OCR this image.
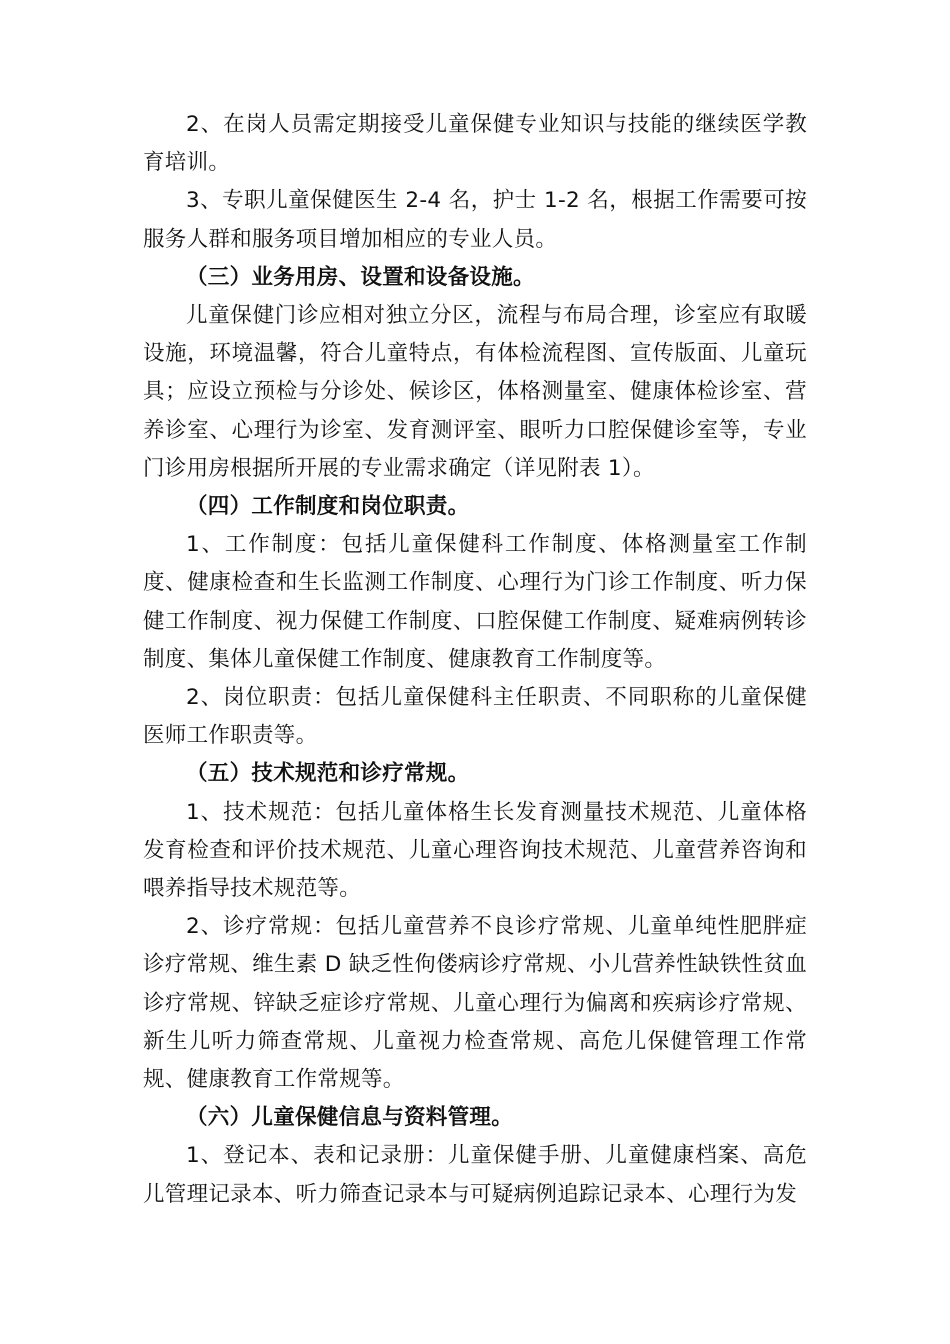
2、在岗人员需定期接受儿童保健专业知识与技能的继续医学教育培训。

3、专职儿童保健医生 2-4 名，护士 1-2 名，根据工作需要可按服务人群和服务项目增加相应的专业人员。

（三）业务用房、设置和设备设施。

儿童保健门诊应相对独立分区，流程与布局合理，诊室应有取暖设施，环境温馨，符合儿童特点，有体检流程图、宣传版面、儿童玩具；应设立预检与分诊处、候诊区，体格测量室、健康体检诊室、营养诊室、心理行为诊室、发育测评室、眼听力口腔保健诊室等，专业门诊用房根据所开展的专业需求确定（详见附表 1）。

（四）工作制度和岗位职责。

1、工作制度：包括儿童保健科工作制度、体格测量室工作制度、健康检查和生长监测工作制度、心理行为门诊工作制度、听力保健工作制度、视力保健工作制度、口腔保健工作制度、疑难病例转诊制度、集体儿童保健工作制度、健康教育工作制度等。

2、岗位职责：包括儿童保健科主任职责、不同职称的儿童保健医师工作职责等。

（五）技术规范和诊疗常规。

1、技术规范：包括儿童体格生长发育测量技术规范、儿童体格发育检查和评价技术规范、儿童心理咨询技术规范、儿童营养咨询和喂养指导技术规范等。

2、诊疗常规：包括儿童营养不良诊疗常规、儿童单纯性肥胖症诊疗常规、维生素 D 缺乏性佝偻病诊疗常规、小儿营养性缺铁性贫血诊疗常规、锌缺乏症诊疗常规、儿童心理行为偏离和疾病诊疗常规、新生儿听力筛查常规、儿童视力检查常规、高危儿保健管理工作常规、健康教育工作常规等。

（六）儿童保健信息与资料管理。

1、登记本、表和记录册：儿童保健手册、儿童健康档案、高危儿管理记录本、听力筛查记录本与可疑病例追踪记录本、心理行为发
